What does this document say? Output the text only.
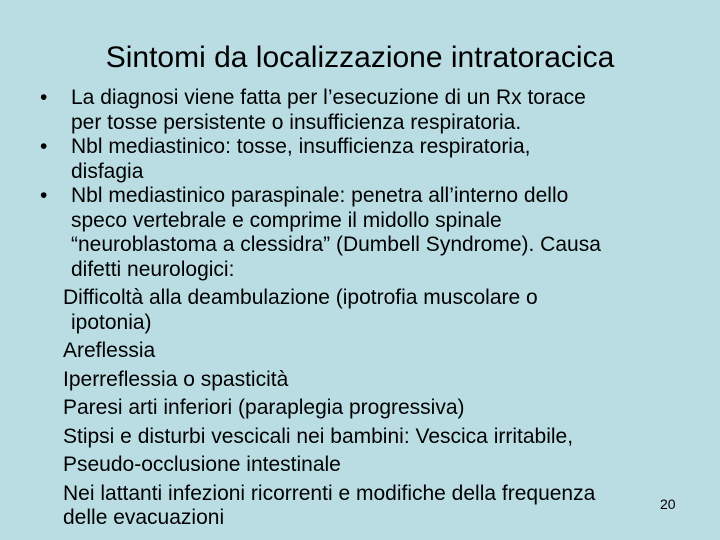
Sintomi da localizzazione intratoracica
• La diagnosi viene fatta per l’esecuzione di un Rx torace
per tosse persistente o insufficienza respiratoria.
• Nbl mediastinico: tosse, insufficienza respiratoria,
disfagia
• Nbl mediastinico paraspinale: penetra all’interno dello
speco vertebrale e comprime il midollo spinale
“neuroblastoma a clessidra” (Dumbell Syndrome). Causa
difetti neurologici:
Difficoltà alla deambulazione (ipotrofia muscolare o
ipotonia)
Areflessia
Iperreflessia o spasticità
Paresi arti inferiori (paraplegia progressiva)
Stipsi e disturbi vescicali nei bambini: Vescica irritabile,
Pseudo-occlusione intestinale
Nei lattanti infezioni ricorrenti e modifiche della frequenza
delle evacuazioni
20
